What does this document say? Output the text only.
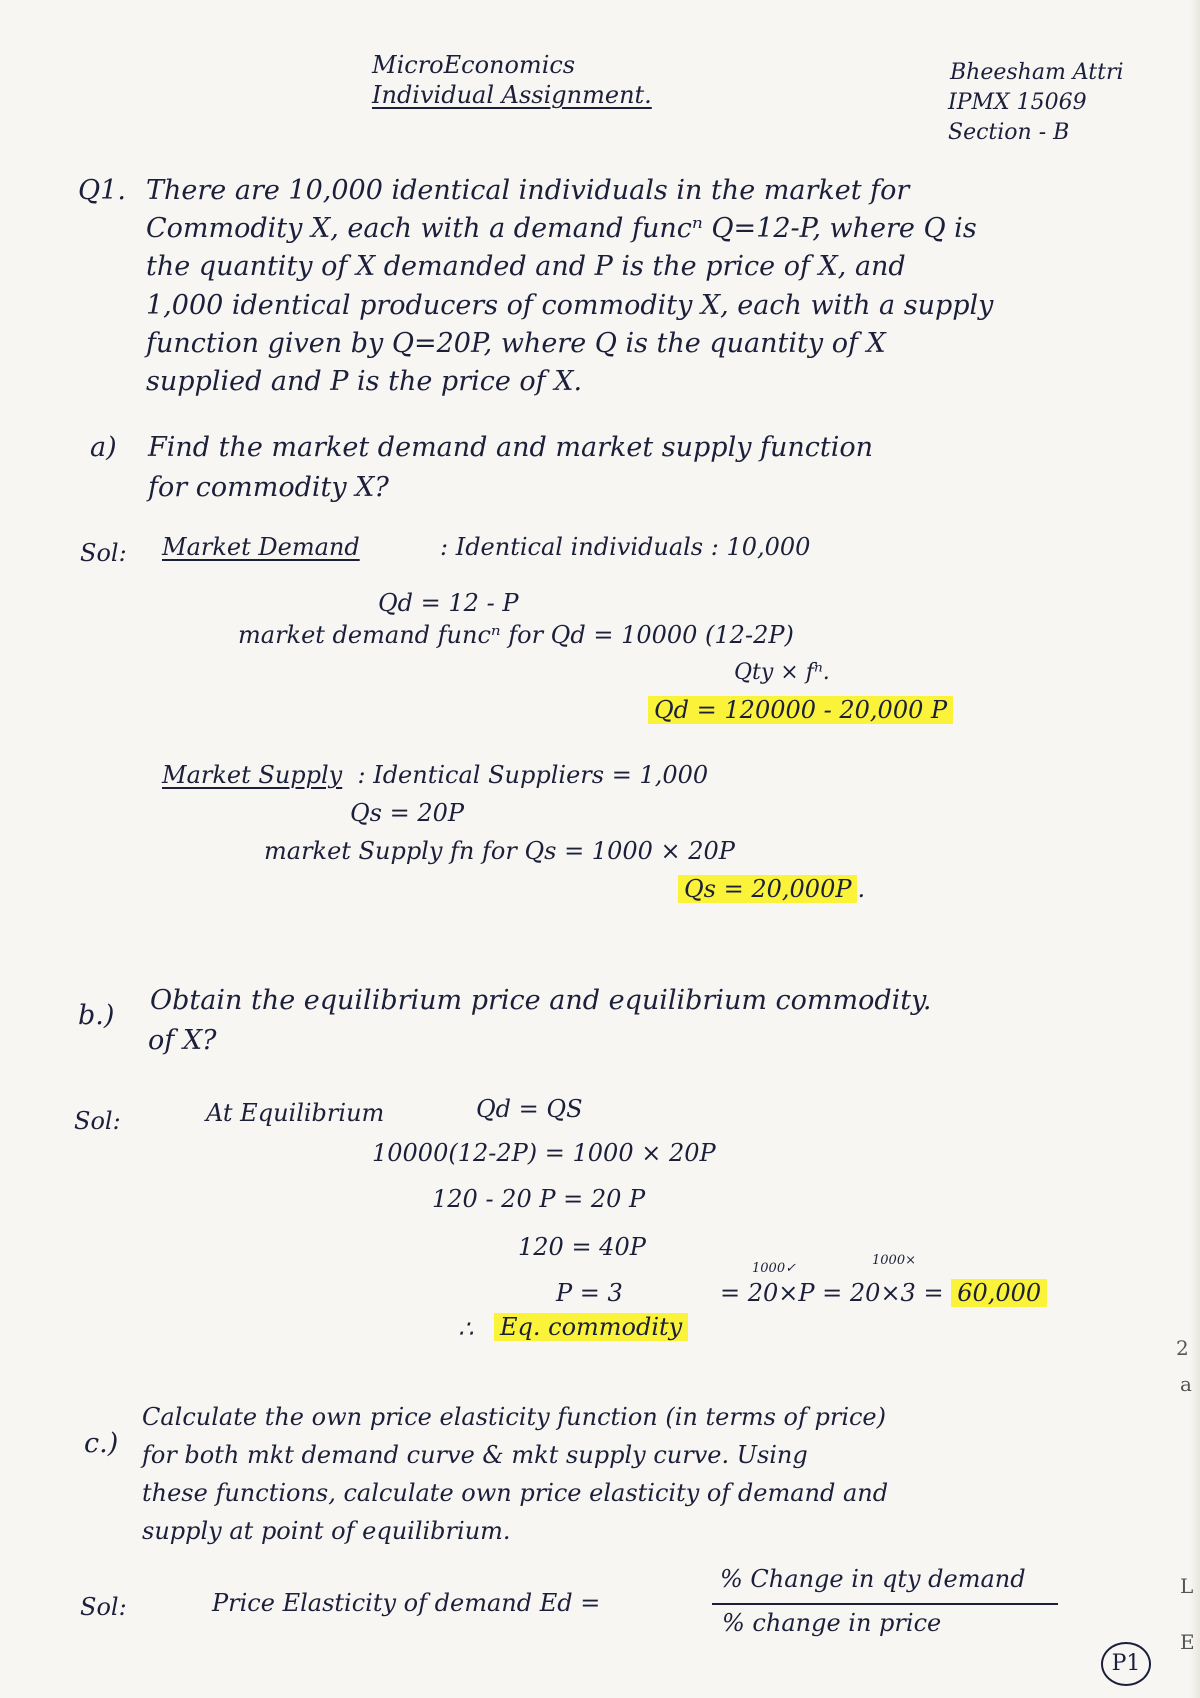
MicroEconomics
Individual Assignment.
Bheesham Attri
IPMX 15069
Section - B
Q1. There are 10,000 identical individuals in the market for
Commodity X, each with a demand funcⁿ Q=12-P, where Q is
the quantity of X demanded and P is the price of X, and
1,000 identical producers of commodity X, each with a supply
function given by Q=20P, where Q is the quantity of X
supplied and P is the price of X.
a) Find the market demand and market supply function
for commodity X?
Sol: Market Demand	: Identical individuals : 10,000
Qd = 12 - P
market demand funcⁿ for Qd = 10000 (12-2P)
Qty × fⁿ.
Qd = 120000 - 20,000 P
Market Supply : Identical Suppliers = 1,000
Qs = 20P
market Supply fn for Qs = 1000 × 20P
Qs = 20,000P .
b.) Obtain the equilibrium price and equilibrium commodity.
of X?
Sol:	At Equilibrium	Qd = QS
10000(12-2P) = 1000 × 20P
120 - 20 P = 20 P
120 = 40P
P = 3
1000✓
1000×
∴ Eq. commodity
= 20×P = 20×3 = 60,000
c.)
Calculate the own price elasticity function (in terms of price)
for both mkt demand curve & mkt supply curve. Using
these functions, calculate own price elasticity of demand and
supply at point of equilibrium.
Sol:	Price Elasticity of demand Ed =
% Change in qty demand
% change in price
P1
2
a
L
E
